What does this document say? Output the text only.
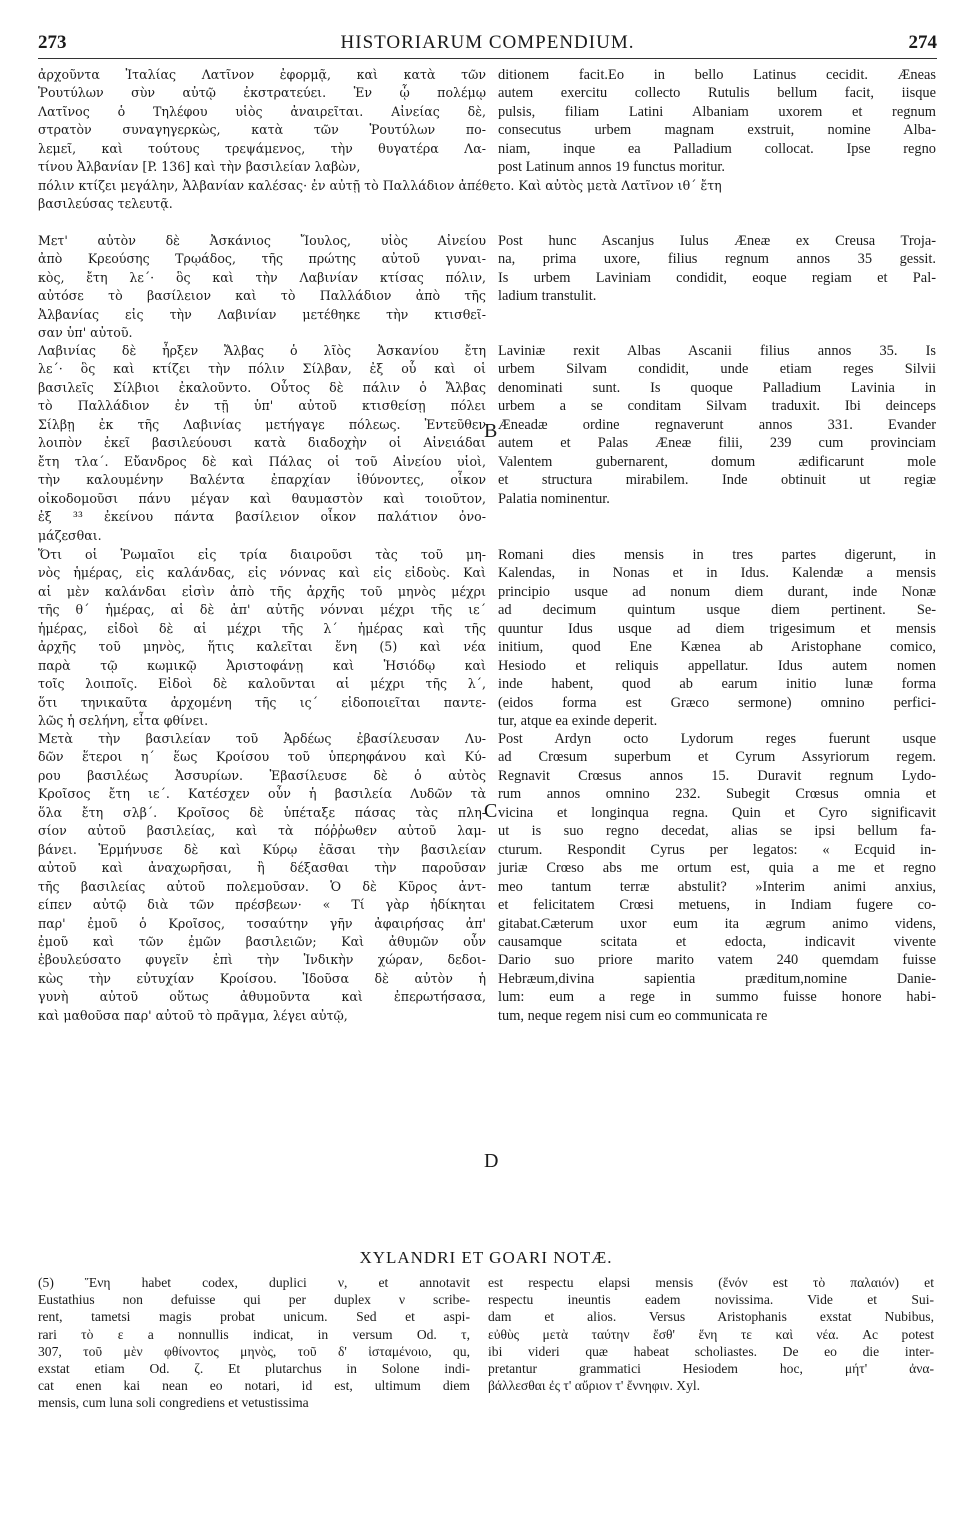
273	HISTORIARUM COMPENDIUM.	274
ἀρχοῦντα Ἰταλίας Λατῖνον ἐφορμᾷ, καὶ κατὰ τῶν
Ῥουτύλων σὺν αὐτῷ ἐκστρατεύει. Ἐν ᾧ πολέμῳ
Λατῖνος ὁ Τηλέφου υἱὸς ἀναιρεῖται. Αἰνείας δὲ,
στρατὸν συναγηγερκὼς, κατὰ τῶν Ῥουτύλων πο-
λεμεῖ, καὶ τούτους τρεψάμενος, τὴν θυγατέρα Λα-
τίνου Ἀλβανίαν [P. 136] καὶ τὴν βασιλείαν λαβὼν,
ditionem facit.Eo in bello Latinus cecidit. Æneas
autem exercitu collecto Rutulis bellum facit, iisque
pulsis, filiam Latini Albaniam uxorem et regnum
consecutus urbem magnam exstruit, nomine Alba-
niam, inque ea Palladium collocat. Ipse regno
post Latinum annos 19 functus moritur.
πόλιν κτίζει μεγάλην, Ἀλβανίαν καλέσας· ἐν αὐτῇ τὸ Παλλάδιον ἀπέθετο. Καὶ αὐτὸς μετὰ Λατῖνον ιθ΄ ἔτη
βασιλεύσας τελευτᾷ.
Μετ' αὐτὸν δὲ Ἀσκάνιος Ἴουλος, υἱὸς Αἰνείου
ἀπὸ Κρεούσης Τρῳάδος, τῆς πρώτης αὐτοῦ γυναι-
κὸς, ἔτη λε΄· ὃς καὶ τὴν Λαβινίαν κτίσας πόλιν,
αὐτόσε τὸ βασίλειον καὶ τὸ Παλλάδιον ἀπὸ τῆς
Ἀλβανίας εἰς τὴν Λαβινίαν μετέθηκε τὴν κτισθεῖ-
σαν ὑπ' αὐτοῦ.
Post hunc Ascanjus Iulus Æneæ ex Creusa Troja-
na, prima uxore, filius regnum annos 35 gessit.
Is urbem Laviniam condidit, eoque regiam et Pal-
ladium transtulit.
Λαβινίας δὲ ἦρξεν Ἄλβας ὁ λῖὸς Ἀσκανίου ἔτη
λε΄· ὃς καὶ κτίζει τὴν πόλιν Σίλβαν, ἐξ οὗ καὶ οἱ
βασιλεῖς Σίλβιοι ἐκαλοῦντο. Οὗτος δὲ πάλιν ὁ Ἄλβας
τὸ Παλλάδιον ἐν τῇ ὑπ' αὐτοῦ κτισθείσῃ πόλει
Σίλβῃ ἐκ τῆς Λαβινίας μετήγαγε πόλεως. Ἐντεῦθεν
λοιπὸν ἐκεῖ βασιλεύουσι κατὰ διαδοχὴν οἱ Αἰνειάδαι
ἔτη τλα΄. Εὔανδρος δὲ καὶ Πάλας οἱ τοῦ Αἰνείου υἱοὶ,
τὴν καλουμένην Βαλέντα ἐπαρχίαν ἰθύνοντες, οἶκον
οἰκοδομοῦσι πάνυ μέγαν καὶ θαυμαστὸν καὶ τοιοῦτον,
ἐξ ³³ ἐκείνου πάντα βασίλειον οἶκον παλάτιον ὀνο-
μάζεσθαι.
Laviniæ rexit Albas Ascanii filius annos 35. Is
urbem Silvam condidit, unde etiam reges Silvii
denominati sunt. Is quoque Palladium Lavinia in
urbem a se conditam Silvam traduxit. Ibi deinceps
Æneadæ ordine regnaverunt annos 331. Evander
autem et Palas Æneæ filii, 239 cum provinciam
Valentem gubernarent, domum ædificarunt mole
et structura mirabilem. Inde obtinuit ut regiæ
Palatia nominentur.
Ὅτι οἱ Ῥωμαῖοι εἰς τρία διαιροῦσι τὰς τοῦ μη-
νὸς ἡμέρας, εἰς καλάνδας, εἰς νόννας καὶ εἰς εἰδοὺς. Καὶ
αἱ μὲν καλάνδαι εἰσὶν ἀπὸ τῆς ἀρχῆς τοῦ μηνὸς μέχρι
τῆς θ΄ ἡμέρας, αἱ δὲ ἀπ' αὐτῆς νόνναι μέχρι τῆς ιε΄
ἡμέρας, εἰδοὶ δὲ αἱ μέχρι τῆς λ΄ ἡμέρας καὶ τῆς
ἀρχῆς τοῦ μηνὸς, ἥτις καλεῖται ἕνη (5) καὶ νέα
παρὰ τῷ κωμικῷ Ἀριστοφάνῃ καὶ Ἡσιόδῳ καὶ
τοῖς λοιποῖς. Εἰδοὶ δὲ καλοῦνται αἱ μέχρι τῆς λ΄,
ὅτι τηνικαῦτα ἀρχομένη τῆς ις΄ εἰδοποιεῖται παντε-
λῶς ἡ σελήνη, εἶτα φθίνει.
Romani dies mensis in tres partes digerunt, in
Kalendas, in Nonas et in Idus. Kalendæ a mensis
principio usque ad nonum diem durant, inde Nonæ
ad decimum quintum usque diem pertinent. Se-
quuntur Idus usque ad diem trigesimum et mensis
initium, quod Ene Kænea ab Aristophane comico,
Hesiodo et reliquis appellatur. Idus autem nomen
inde habent, quod ab earum initio lunæ forma
(eidos forma est Græco sermone) omnino perfici-
tur, atque ea exinde deperit.
Μετὰ τὴν βασιλείαν τοῦ Ἀρδέως ἐβασίλευσαν Λυ-
δῶν ἕτεροι η΄ ἕως Κροίσου τοῦ ὑπερηφάνου καὶ Κύ-
ρου βασιλέως Ἀσσυρίων. Ἐβασίλευσε δὲ ὁ αὐτὸς
Κροῖσος ἔτη ιε΄. Κατέσχεν οὖν ἡ βασιλεία Λυδῶν τὰ
ὅλα ἔτη σλβ΄. Κροῖσος δὲ ὑπέταξε πάσας τὰς πλη-
σίον αὐτοῦ βασιλείας, καὶ τὰ πόῤῥωθεν αὐτοῦ λαμ-
βάνει. Ἑρμήνυσε δὲ καὶ Κύρῳ ἐᾶσαι τὴν βασιλείαν
αὐτοῦ καὶ ἀναχωρῆσαι, ἢ δέξασθαι τὴν παροῦσαν
τῆς βασιλείας αὐτοῦ πολεμοῦσαν. Ὁ δὲ Κῦρος ἀντ-
είπεν αὐτῷ διὰ τῶν πρέσβεων· « Τί γὰρ ἠδίκηται
παρ' ἐμοῦ ὁ Κροῖσος, τοσαύτην γῆν ἀφαιρήσας ἀπ'
ἐμοῦ καὶ τῶν ἐμῶν βασιλειῶν; Καὶ ἀθυμῶν οὖν
ἐβουλεύσατο φυγεῖν ἐπὶ τὴν Ἰνδικὴν χώραν, δεδοι-
κὼς τὴν εὐτυχίαν Κροίσου. Ἰδοῦσα δὲ αὐτὸν ἡ
γυνὴ αὐτοῦ οὕτως ἀθυμοῦντα καὶ ἐπερωτήσασα,
καὶ μαθοῦσα παρ' αὐτοῦ τὸ πρᾶγμα, λέγει αὐτῷ,
Post Ardyn octo Lydorum reges fuerunt usque
ad Crœsum superbum et Cyrum Assyriorum regem.
Regnavit Crœsus annos 15. Duravit regnum Lydo-
rum annos omnino 232. Subegit Crœsus omnia et
vicina et longinqua regna. Quin et Cyro significavit
ut is suo regno decedat, alias se ipsi bellum fa-
cturum. Respondit Cyrus per legatos: « Ecquid in-
juriæ Crœso abs me ortum est, quia a me et regno
meo tantum terræ abstulit? »Interim animi anxius,
et felicitatem Crœsi metuens, in Indiam fugere co-
gitabat.Cæterum uxor eum ita ægrum animo videns,
causamque scitata et edocta, indicavit vivente
Dario suo priore marito vatem 240 quemdam fuisse
Hebræum,divina sapientia præditum,nomine Danie-
lum: eum a rege in summo fuisse honore habi-
tum, neque regem nisi cum eo communicata re
B
C
D
XYLANDRI ET GOARI NOTÆ.
(5) Ἕνη habet codex, duplici ν, et annotavit
Eustathius non defuisse qui per duplex ν scribe-
rent, tametsi magis probat unicum. Sed et aspi-
rari τὸ ε a nonnullis indicat, in versum Od. τ,
307, τοῦ μὲν φθίνοντος μηνὸς, τοῦ δ' ἱσταμένοιο, qu,
exstat etiam Od. ζ. Et plutarchus in Solone indi-
cat enen kai nean eo notari, id est, ultimum diem
mensis, cum luna soli congrediens et vetustissima
est respectu elapsi mensis (ἕνόν est τὸ παλαιόν) et
respectu ineuntis eadem novissima. Vide et Sui-
dam et alios. Versus Aristophanis exstat Nubibus,
εὐθὺς μετὰ ταύτην ἔσθ' ἕνη τε καὶ νέα. Ac potest
ibi videri quæ habeat scholiastes. De eo die inter-
pretantur grammatici Hesiodem hoc, μήτ' ἀνα-
βάλλεσθαι ἐς τ' αὔριον τ' ἔννηφιν. Xyl.
